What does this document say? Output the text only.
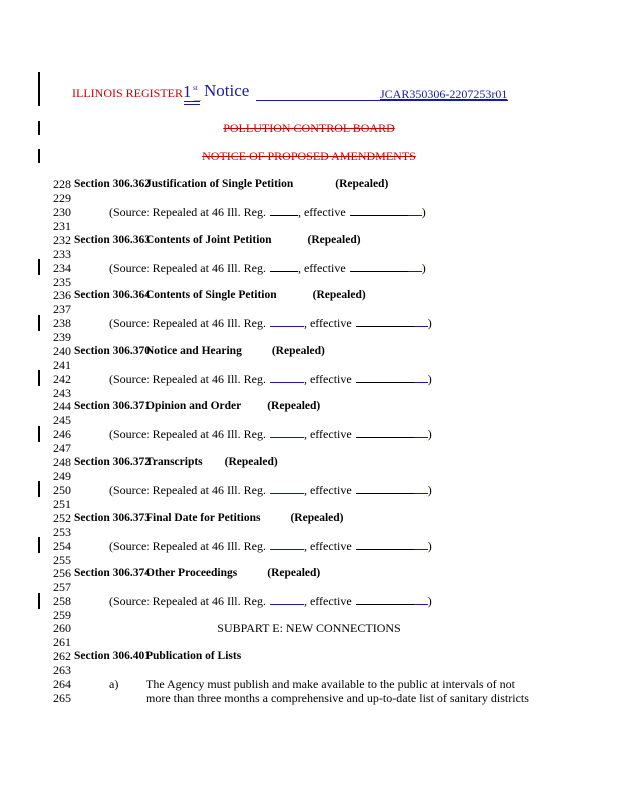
ILLINOIS REGISTER 1 st Notice	JCAR350306-2207253r01
—
POLLUTION CONTROL BOARD
NOTICE OF PROPOSED AMENDMENTS
228 Section 306.362
Justification of Single Petition	(Repealed)
229
230	(Source: Repealed at 46 Ill. Reg.	, effective	)
231
232 Section 306.363
Contents of Joint Petition	(Repealed)
233
234	(Source: Repealed at 46 Ill. Reg.	, effective	)
235
236 Section 306.364
Contents of Single Petition	(Repealed)
237
238	(Source: Repealed at 46 Ill. Reg.	, effective	)
239
240 Section 306.370
Notice and Hearing	(Repealed)
241
242	(Source: Repealed at 46 Ill. Reg.	, effective	)
243
244 Section 306.371
Opinion and Order (Repealed)
245
246	(Source: Repealed at 46 Ill. Reg.	, effective	)
247
248 Section 306.372
Transcripts (Repealed)
249
250	(Source: Repealed at 46 Ill. Reg.	, effective	)
251
252 Section 306.373
Final Date for Petitions	(Repealed)
253
254	(Source: Repealed at 46 Ill. Reg.	, effective	)
255
256 Section 306.374
Other Proceedings	(Repealed)
257
258	(Source: Repealed at 46 Ill. Reg.	, effective	)
259
260	SUBPART E: NEW CONNECTIONS
261
262 Section 306.401
Publication of Lists
263
264	a) The Agency must publish and make available to the public at intervals of not
265	more than three months a comprehensive and up-to-date list of sanitary districts
